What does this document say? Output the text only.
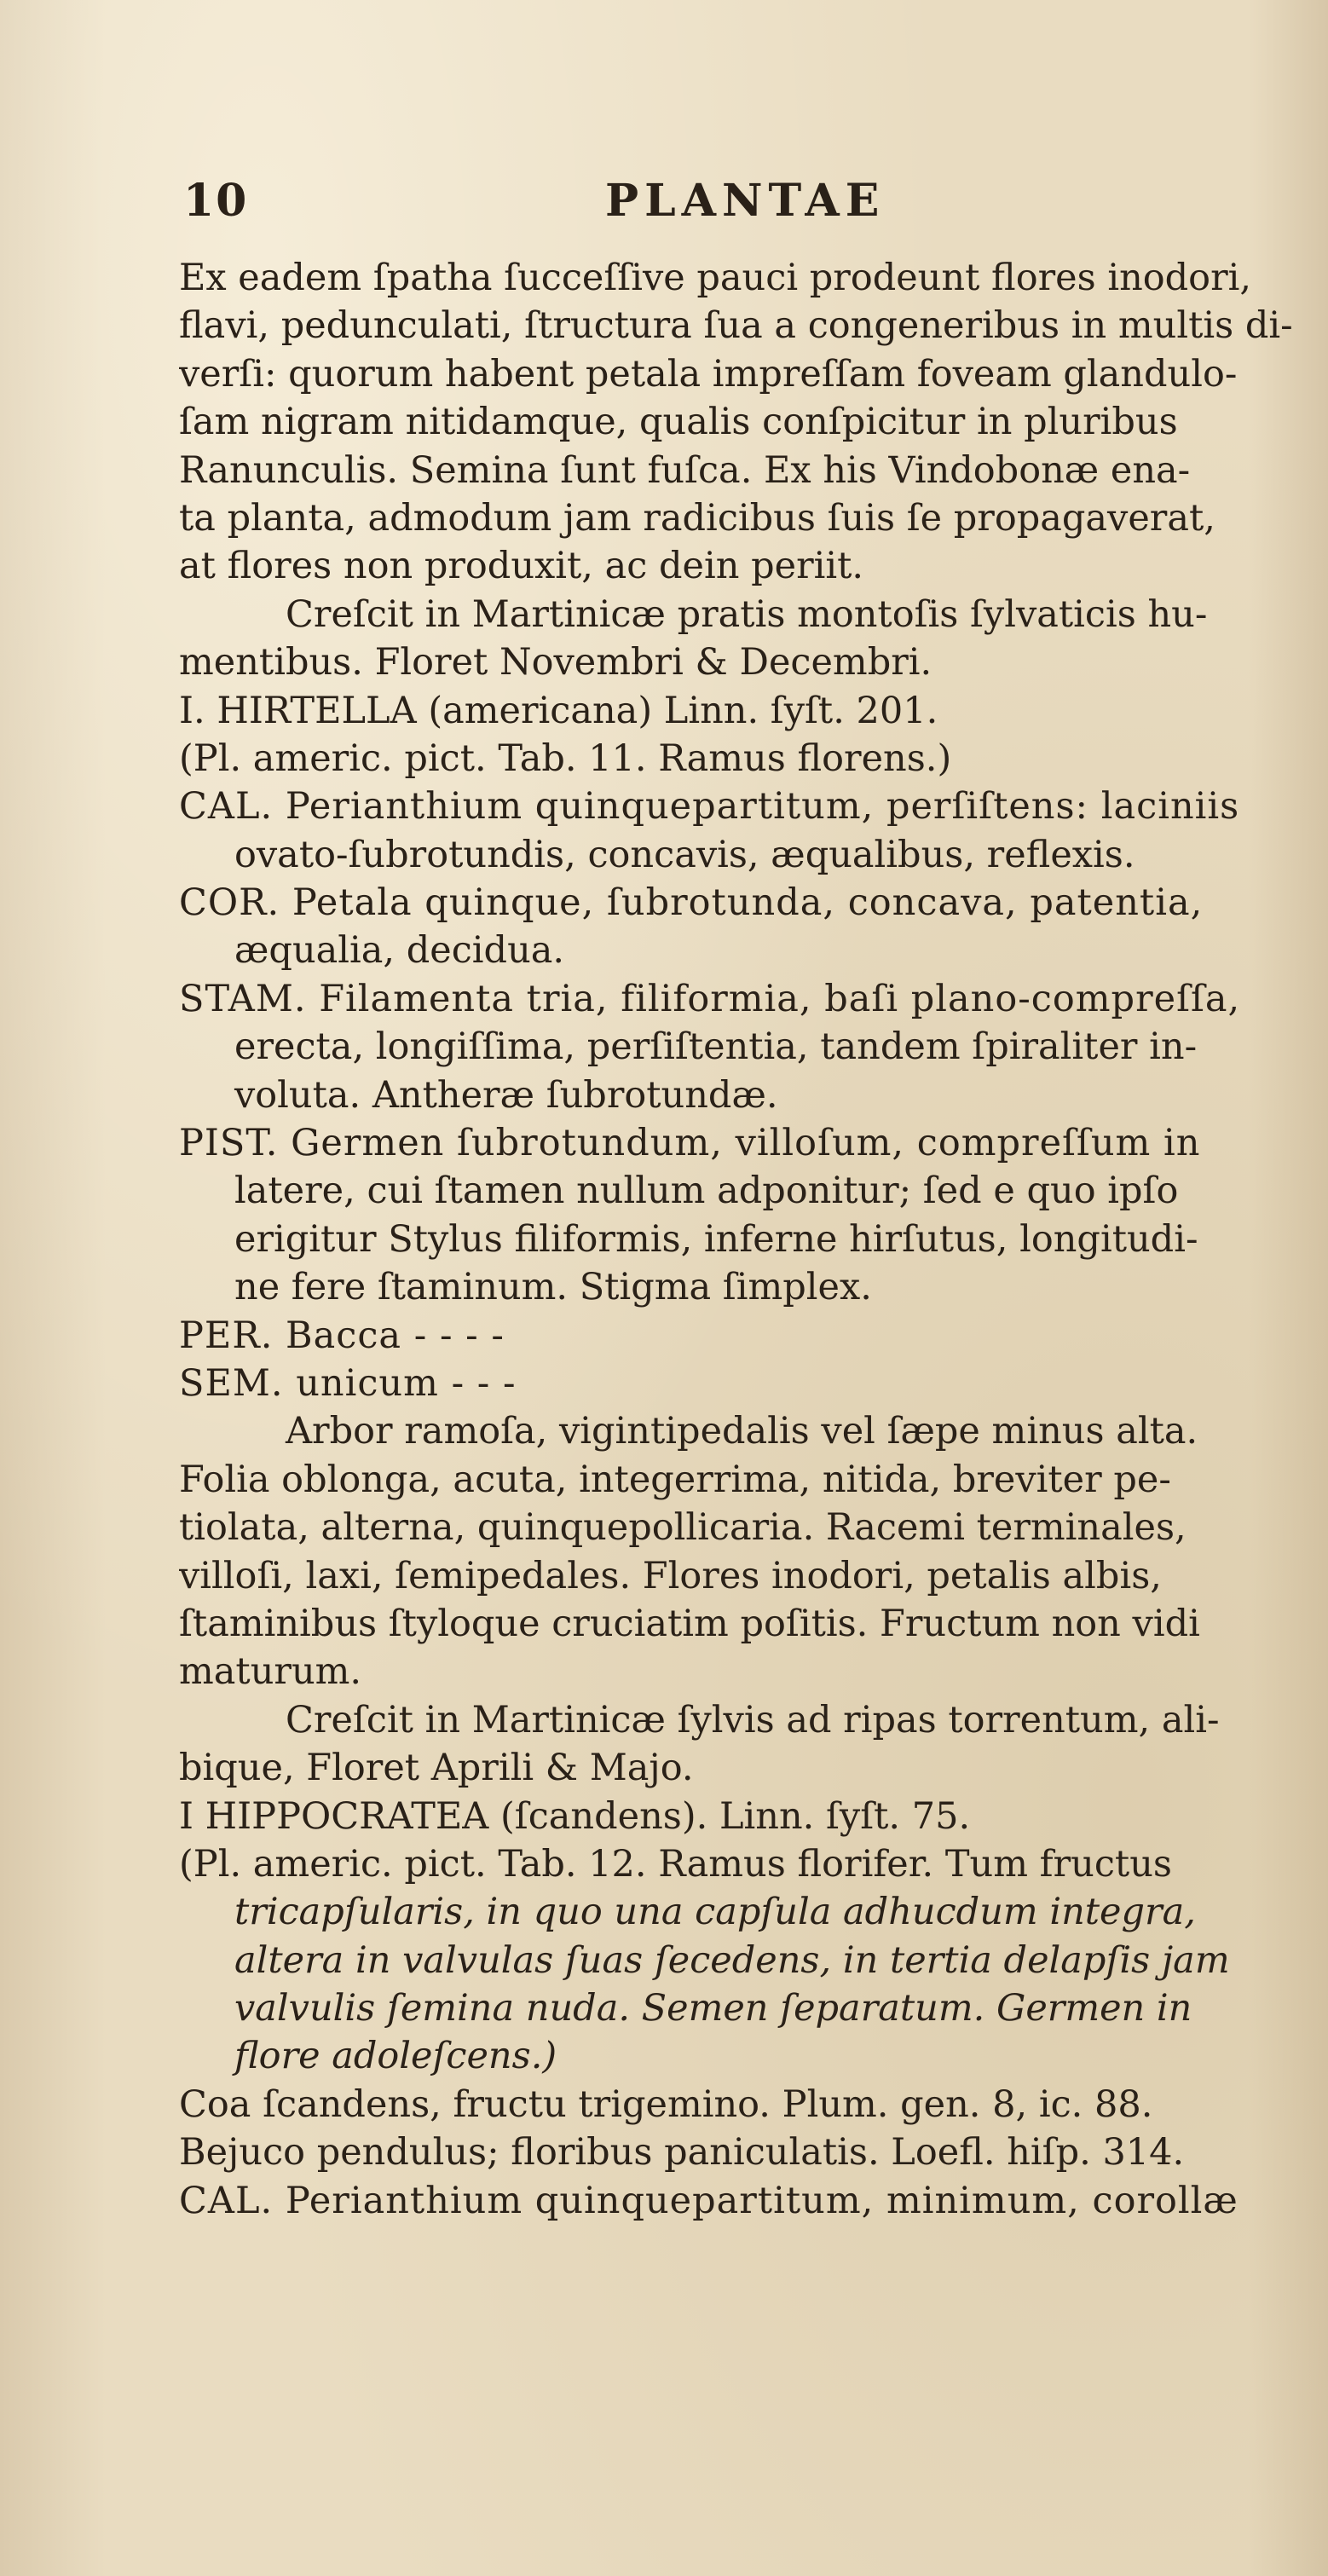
10	PLANTAE
Ex eadem ſpatha ſucceſſive pauci prodeunt flores inodori,
flavi, pedunculati, ſtructura ſua a congeneribus in multis di-
verſi: quorum habent petala impreſſam foveam glandulo-
ſam nigram nitidamque, qualis conſpicitur in pluribus
Ranunculis. Semina ſunt fuſca. Ex his Vindobonæ ena-
ta planta, admodum jam radicibus ſuis ſe propagaverat,
at flores non produxit, ac dein periit.
Creſcit in Martinicæ pratis montoſis ſylvaticis hu-
mentibus. Floret Novembri & Decembri.
I. HIRTELLA (americana) Linn. ſyſt. 201.
(Pl. americ. pict. Tab. 11. Ramus florens.)
CAL. Perianthium quinquepartitum, perſiſtens: laciniis
ovato-ſubrotundis, concavis, æqualibus, reflexis.
COR. Petala quinque, ſubrotunda, concava, patentia,
æqualia, decidua.
STAM. Filamenta tria, filiformia, baſi plano-compreſſa,
erecta, longiſſima, perſiſtentia, tandem ſpiraliter in-
voluta. Antheræ ſubrotundæ.
PIST. Germen ſubrotundum, villoſum, compreſſum in
latere, cui ſtamen nullum adponitur; ſed e quo ipſo
erigitur Stylus filiformis, inferne hirſutus, longitudi-
ne fere ſtaminum. Stigma ſimplex.
PER. Bacca - - - -
SEM. unicum - - -
Arbor ramoſa, vigintipedalis vel ſæpe minus alta.
Folia oblonga, acuta, integerrima, nitida, breviter pe-
tiolata, alterna, quinquepollicaria. Racemi terminales,
villoſi, laxi, ſemipedales. Flores inodori, petalis albis,
ſtaminibus ſtyloque cruciatim poſitis. Fructum non vidi
maturum.
Creſcit in Martinicæ ſylvis ad ripas torrentum, ali-
bique, Floret Aprili & Majo.
I HIPPOCRATEA (ſcandens). Linn. ſyſt. 75.
(Pl. americ. pict. Tab. 12. Ramus florifer. Tum fructus
tricapſularis, in quo una capſula adhucdum integra,
altera in valvulas ſuas ſecedens, in tertia delapſis jam
valvulis ſemina nuda. Semen ſeparatum. Germen in
flore adoleſcens.)
Coa ſcandens, fructu trigemino. Plum. gen. 8, ic. 88.
Bejuco pendulus; floribus paniculatis. Loefl. hiſp. 314.
CAL. Perianthium quinquepartitum, minimum, corollæ
